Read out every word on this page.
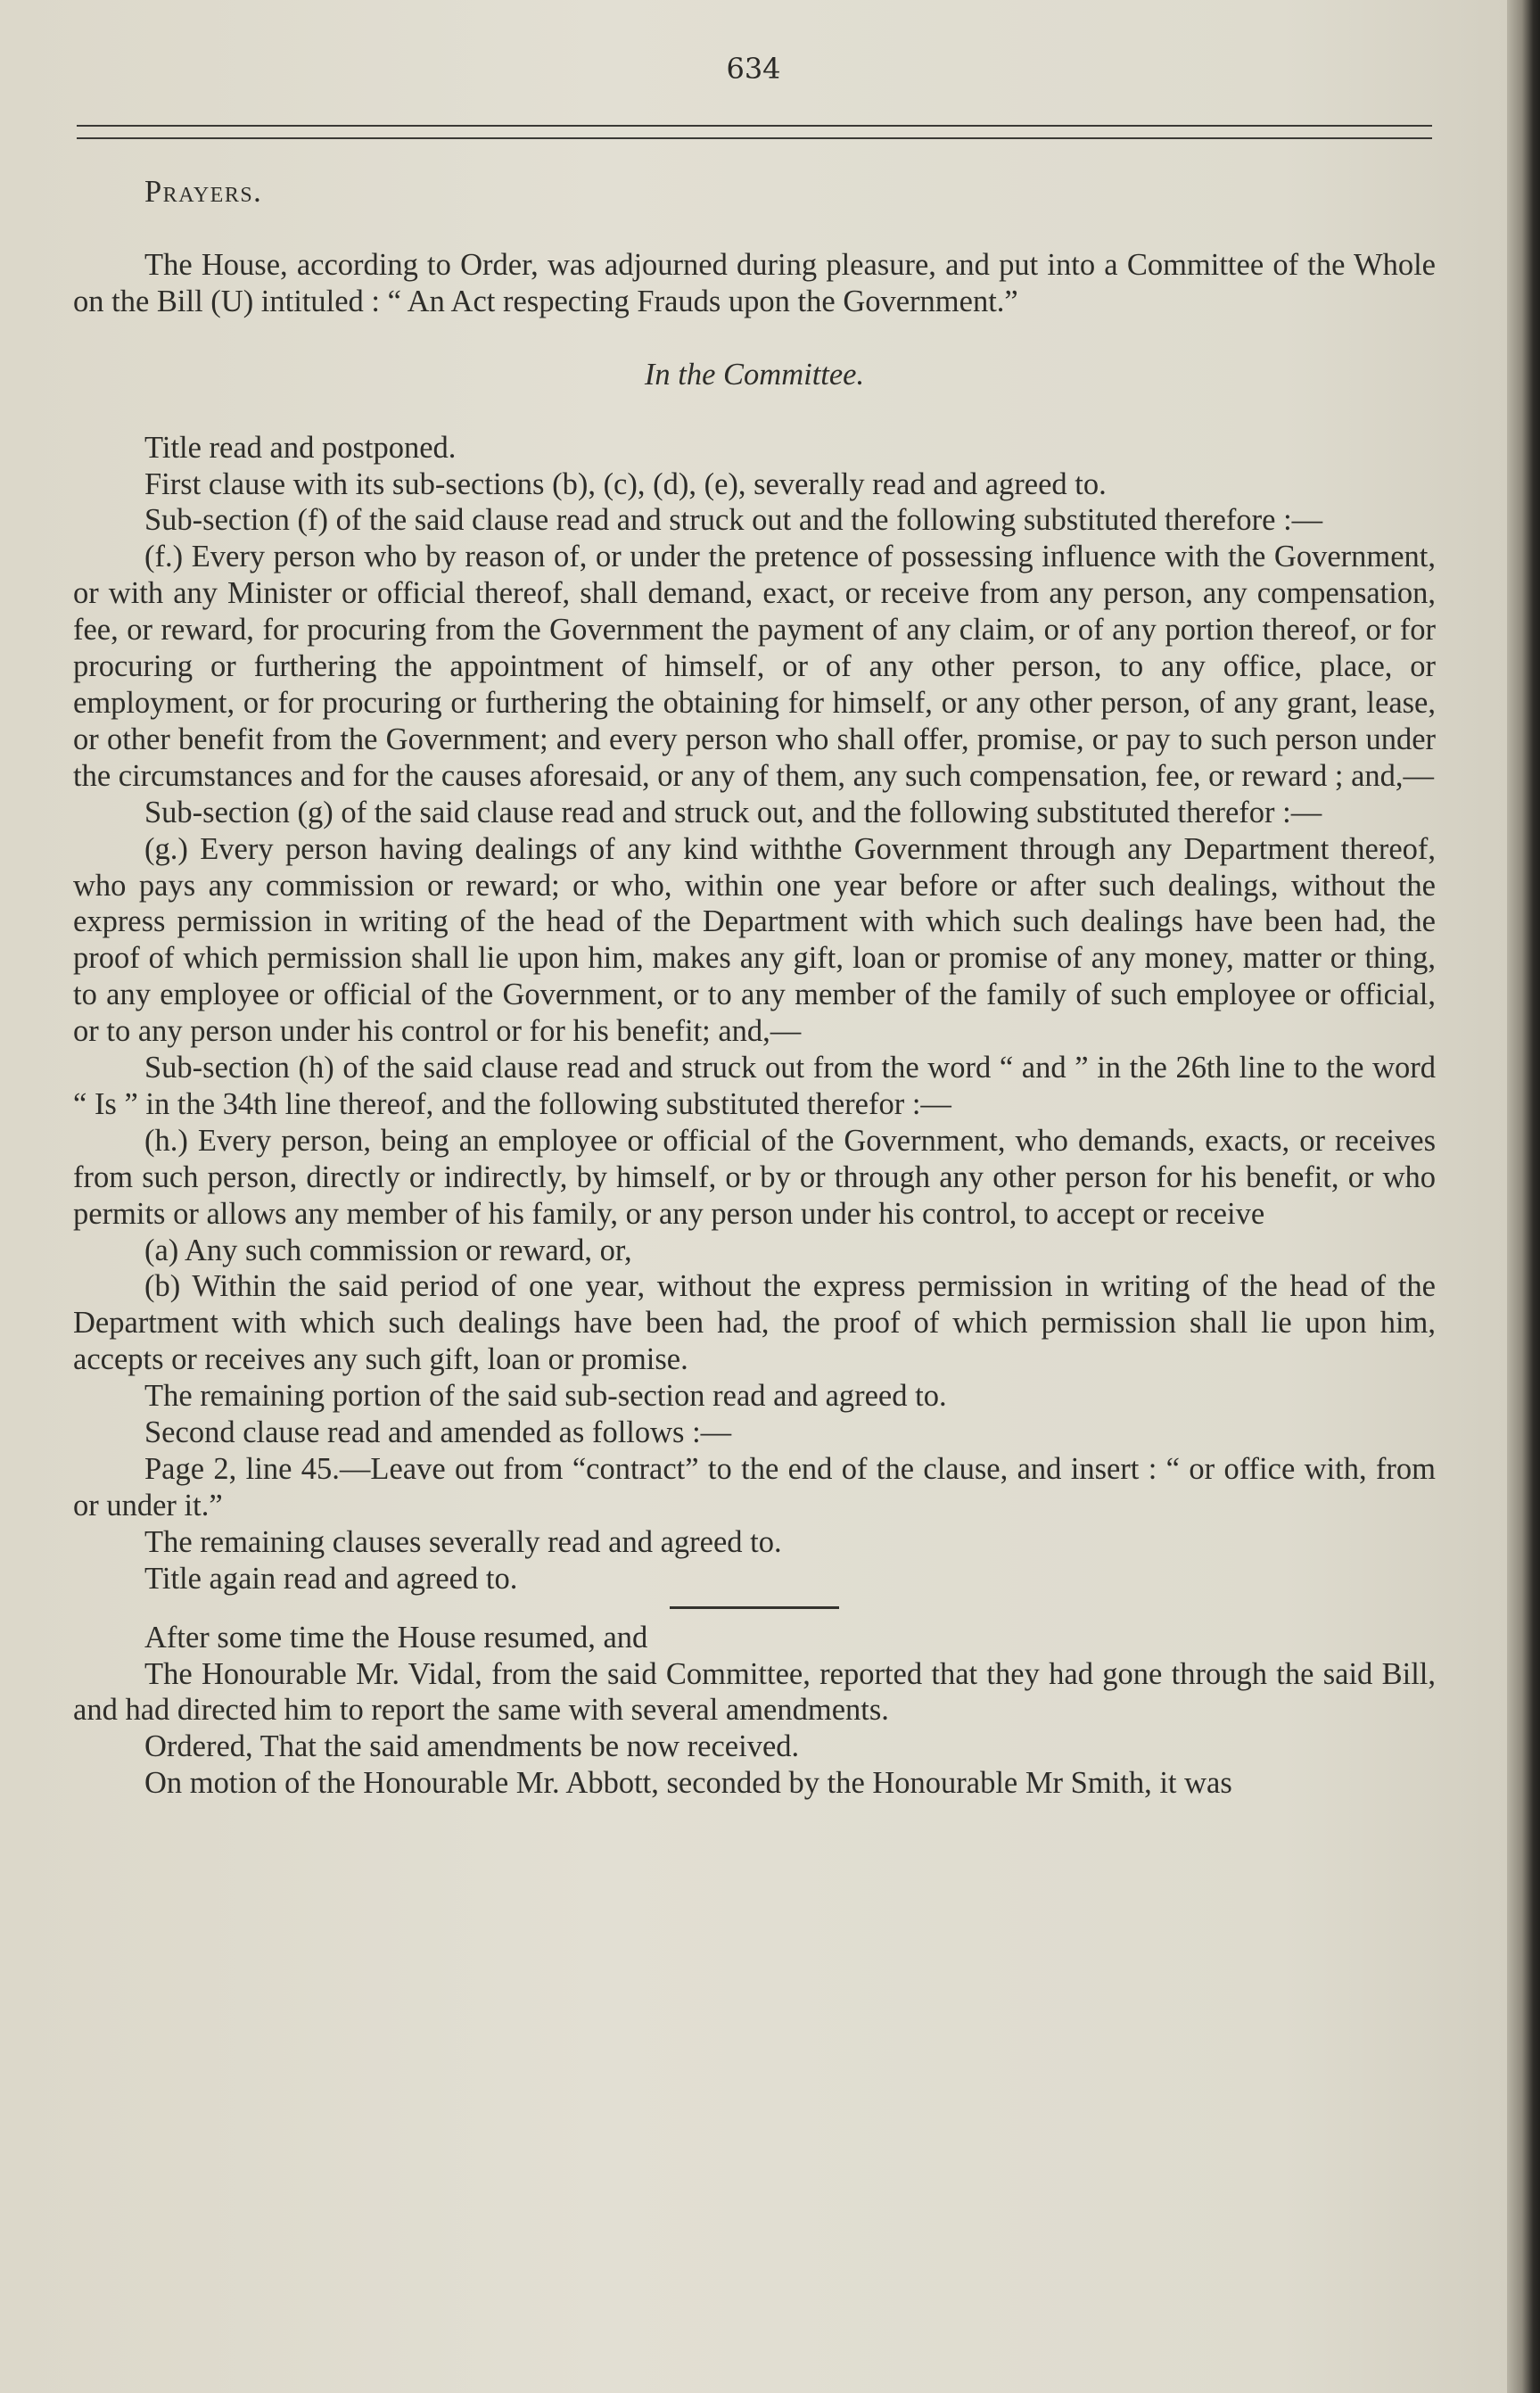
634

Prayers.

The House, according to Order, was adjourned during pleasure, and put into a Committee of the Whole on the Bill (U) intituled : “ An Act respecting Frauds upon the Government.”

In the Committee.

Title read and postponed.

First clause with its sub-sections (b), (c), (d), (e), severally read and agreed to.

Sub-section (f) of the said clause read and struck out and the following substituted therefore :—

(f.) Every person who by reason of, or under the pretence of possessing influence with the Government, or with any Minister or official thereof, shall demand, exact, or receive from any person, any compensation, fee, or reward, for procuring from the Government the payment of any claim, or of any portion thereof, or for procuring or furthering the appointment of himself, or of any other person, to any office, place, or employment, or for procuring or furthering the obtaining for himself, or any other person, of any grant, lease, or other benefit from the Government; and every person who shall offer, promise, or pay to such person under the circumstances and for the causes aforesaid, or any of them, any such compensation, fee, or reward ; and,—

Sub-section (g) of the said clause read and struck out, and the following substituted therefor :—

(g.) Every person having dealings of any kind withthe Government through any Department thereof, who pays any commission or reward; or who, within one year before or after such dealings, without the express permission in writing of the head of the Department with which such dealings have been had, the proof of which permission shall lie upon him, makes any gift, loan or promise of any money, matter or thing, to any employee or official of the Government, or to any member of the family of such employee or official, or to any person under his control or for his benefit; and,—

Sub-section (h) of the said clause read and struck out from the word “ and ” in the 26th line to the word “ Is ” in the 34th line thereof, and the following substituted therefor :—

(h.) Every person, being an employee or official of the Government, who demands, exacts, or receives from such person, directly or indirectly, by himself, or by or through any other person for his benefit, or who permits or allows any member of his family, or any person under his control, to accept or receive

(a) Any such commission or reward, or,

(b) Within the said period of one year, without the express permission in writing of the head of the Department with which such dealings have been had, the proof of which permission shall lie upon him, accepts or receives any such gift, loan or promise.

The remaining portion of the said sub-section read and agreed to.

Second clause read and amended as follows :—

Page 2, line 45.—Leave out from “contract” to the end of the clause, and insert : “ or office with, from or under it.”

The remaining clauses severally read and agreed to.

Title again read and agreed to.

After some time the House resumed, and

The Honourable Mr. Vidal, from the said Committee, reported that they had gone through the said Bill, and had directed him to report the same with several amendments.

Ordered, That the said amendments be now received.

On motion of the Honourable Mr. Abbott, seconded by the Honourable Mr Smith, it was
